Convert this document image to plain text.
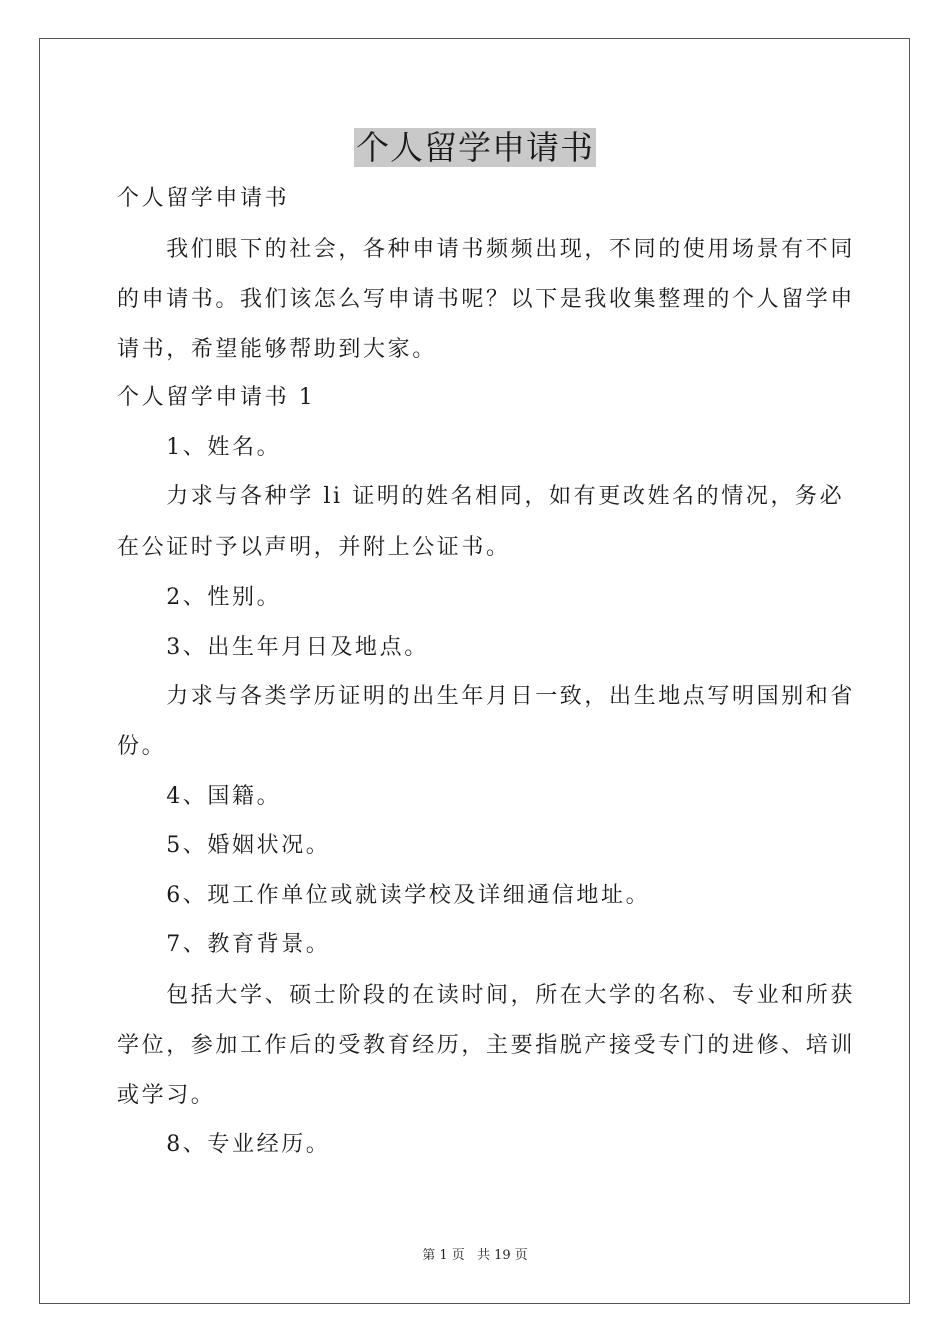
个人留学申请书
个人留学申请书
　　我们眼下的社会，各种申请书频频出现，不同的使用场景有不同
的申请书。我们该怎么写申请书呢？以下是我收集整理的个人留学申
请书，希望能够帮助到大家。
个人留学申请书 1
　　1、姓名。
　　力求与各种学 li 证明的姓名相同，如有更改姓名的情况，务必
在公证时予以声明，并附上公证书。
　　2、性别。
　　3、出生年月日及地点。
　　力求与各类学历证明的出生年月日一致，出生地点写明国别和省
份。
　　4、国籍。
　　5、婚姻状况。
　　6、现工作单位或就读学校及详细通信地址。
　　7、教育背景。
　　包括大学、硕士阶段的在读时间，所在大学的名称、专业和所获
学位，参加工作后的受教育经历，主要指脱产接受专门的进修、培训
或学习。
　　8、专业经历。
第 1 页 共 19 页
